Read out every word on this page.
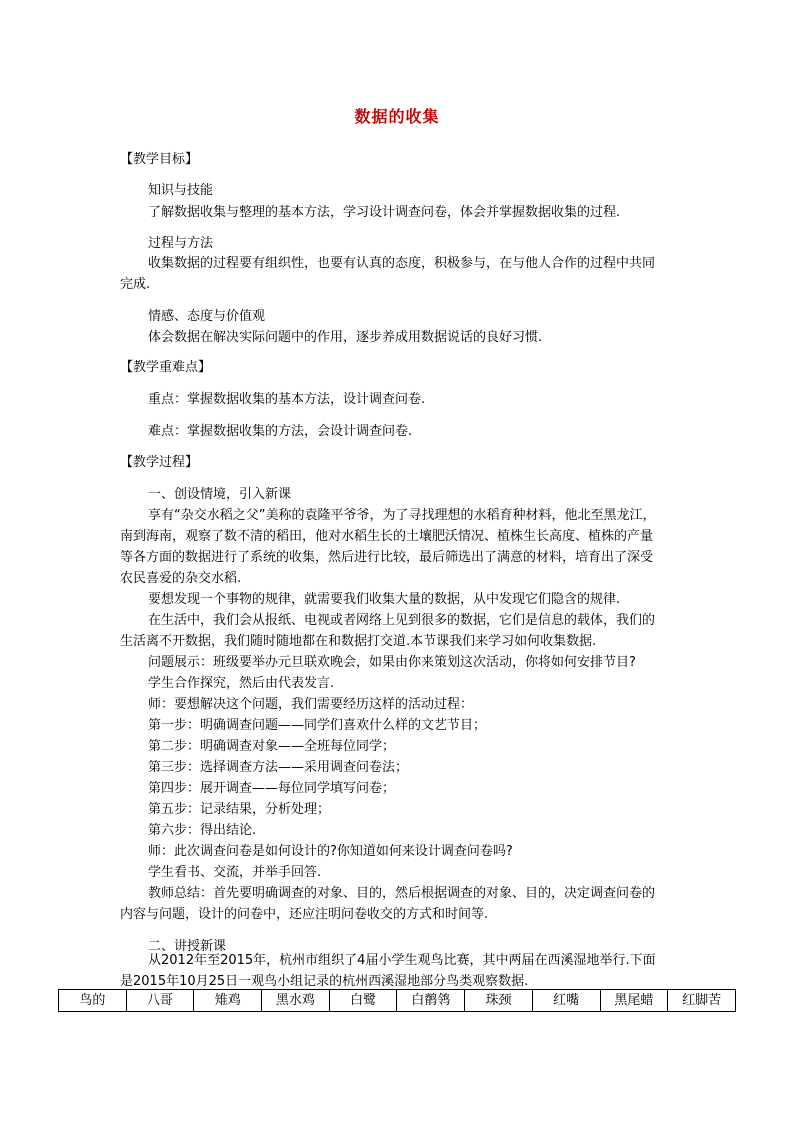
数据的收集
【教学目标】
知识与技能
了解数据收集与整理的基本方法，学习设计调查问卷，体会并掌握数据收集的过程.
过程与方法
收集数据的过程要有组织性，也要有认真的态度，积极参与，在与他人合作的过程中共同
完成.
情感、态度与价值观
体会数据在解决实际问题中的作用，逐步养成用数据说话的良好习惯.
【教学重难点】
重点：掌握数据收集的基本方法，设计调查问卷.
难点：掌握数据收集的方法，会设计调查问卷.
【教学过程】
一、创设情境，引入新课
享有“杂交水稻之父”美称的袁隆平爷爷，为了寻找理想的水稻育种材料，他北至黑龙江，
南到海南，观察了数不清的稻田，他对水稻生长的土壤肥沃情况、植株生长高度、植株的产量
等各方面的数据进行了系统的收集，然后进行比较，最后筛选出了满意的材料，培育出了深受
农民喜爱的杂交水稻.
要想发现一个事物的规律，就需要我们收集大量的数据，从中发现它们隐含的规律.
在生活中，我们会从报纸、电视或者网络上见到很多的数据，它们是信息的载体，我们的
生活离不开数据，我们随时随地都在和数据打交道.本节课我们来学习如何收集数据.
问题展示：班级要举办元旦联欢晚会，如果由你来策划这次活动，你将如何安排节目?
学生合作探究，然后由代表发言.
师：要想解决这个问题，我们需要经历这样的活动过程：
第一步：明确调查问题——同学们喜欢什么样的文艺节目；
第二步：明确调查对象——全班每位同学；
第三步：选择调查方法——采用调查问卷法；
第四步：展开调查——每位同学填写问卷；
第五步：记录结果，分析处理；
第六步：得出结论.
师：此次调查问卷是如何设计的?你知道如何来设计调查问卷吗?
学生看书、交流，并举手回答.
教师总结：首先要明确调查的对象、目的，然后根据调查的对象、目的，决定调查问卷的
内容与问题，设计的问卷中，还应注明问卷收交的方式和时间等.
二、讲授新课
从2012年至2015年，杭州市组织了4届小学生观鸟比赛，其中两届在西溪湿地举行.下面
是2015年10月25日一观鸟小组记录的杭州西溪湿地部分鸟类观察数据.
鸟的	八哥	雉鸡	黑水鸡	白鹭	白鹡鸰	珠颈	红嘴	黑尾蜡	红脚苦
